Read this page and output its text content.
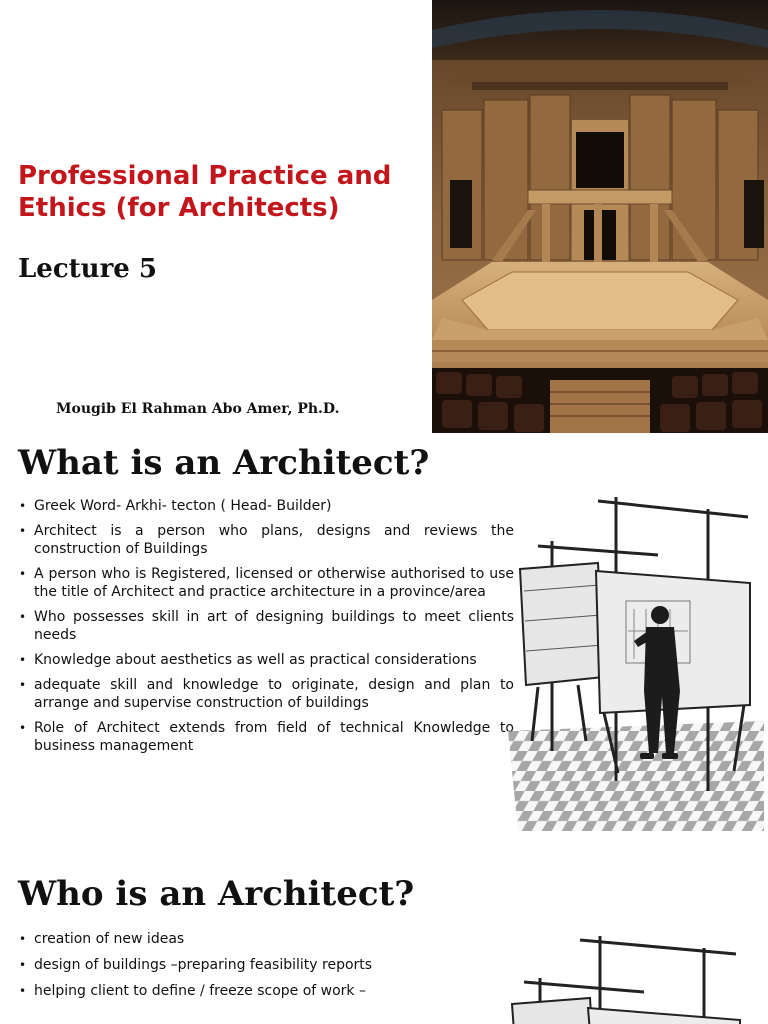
Professional Practice and Ethics (for Architects)
Lecture 5
Mougib El Rahman Abo Amer, Ph.D.
What is an Architect?
• Greek Word- Arkhi- tecton ( Head- Builder)
• Architect is a person who plans, designs and reviews the construction of Buildings
• A person who is Registered, licensed or otherwise authorised to use the title of Architect and practice architecture in a province/area
• Who possesses skill in art of designing buildings to meet clients needs
• Knowledge about aesthetics as well as practical considerations
• adequate skill and knowledge to originate, design and plan to arrange and supervise construction of buildings
• Role of Architect extends from field of technical Knowledge to business management
Who is an Architect?
• creation of new ideas
• design of buildings –preparing feasibility reports
• helping client to define / freeze scope of work –
